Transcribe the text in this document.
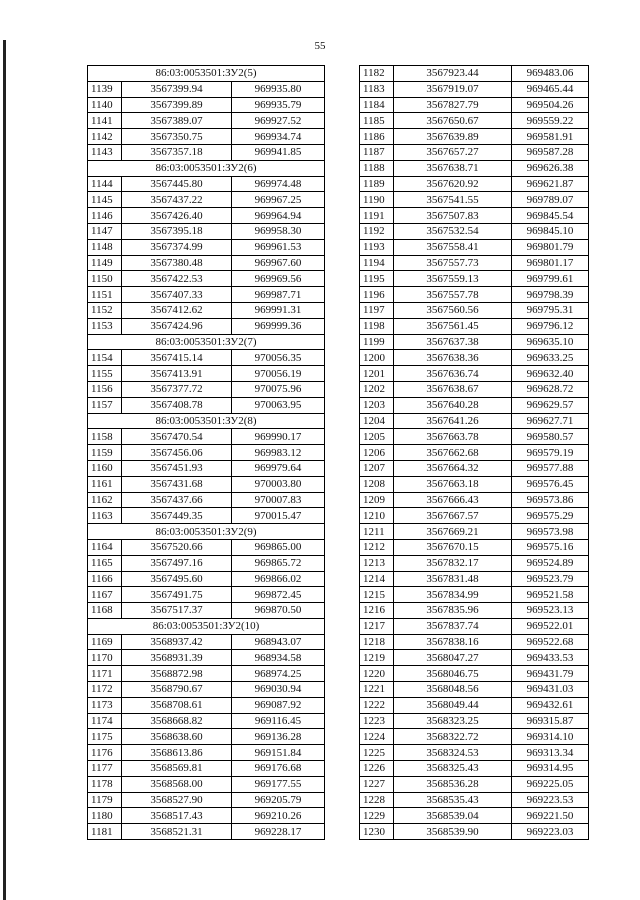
55
86:03:0053501:ЗУ2(5)		
1139	3567399.94	969935.80
1140	3567399.89	969935.79
1141	3567389.07	969927.52
1142	3567350.75	969934.74
1143	3567357.18	969941.85
86:03:0053501:ЗУ2(6)		
1144	3567445.80	969974.48
1145	3567437.22	969967.25
1146	3567426.40	969964.94
1147	3567395.18	969958.30
1148	3567374.99	969961.53
1149	3567380.48	969967.60
1150	3567422.53	969969.56
1151	3567407.33	969987.71
1152	3567412.62	969991.31
1153	3567424.96	969999.36
86:03:0053501:ЗУ2(7)		
1154	3567415.14	970056.35
1155	3567413.91	970056.19
1156	3567377.72	970075.96
1157	3567408.78	970063.95
86:03:0053501:ЗУ2(8)		
1158	3567470.54	969990.17
1159	3567456.06	969983.12
1160	3567451.93	969979.64
1161	3567431.68	970003.80
1162	3567437.66	970007.83
1163	3567449.35	970015.47
86:03:0053501:ЗУ2(9)		
1164	3567520.66	969865.00
1165	3567497.16	969865.72
1166	3567495.60	969866.02
1167	3567491.75	969872.45
1168	3567517.37	969870.50
86:03:0053501:ЗУ2(10)		
1169	3568937.42	968943.07
1170	3568931.39	968934.58
1171	3568872.98	968974.25
1172	3568790.67	969030.94
1173	3568708.61	969087.92
1174	3568668.82	969116.45
1175	3568638.60	969136.28
1176	3568613.86	969151.84
1177	3568569.81	969176.68
1178	3568568.00	969177.55
1179	3568527.90	969205.79
1180	3568517.43	969210.26
1181	3568521.31	969228.17
1182	3567923.44	969483.06
1183	3567919.07	969465.44
1184	3567827.79	969504.26
1185	3567650.67	969559.22
1186	3567639.89	969581.91
1187	3567657.27	969587.28
1188	3567638.71	969626.38
1189	3567620.92	969621.87
1190	3567541.55	969789.07
1191	3567507.83	969845.54
1192	3567532.54	969845.10
1193	3567558.41	969801.79
1194	3567557.73	969801.17
1195	3567559.13	969799.61
1196	3567557.78	969798.39
1197	3567560.56	969795.31
1198	3567561.45	969796.12
1199	3567637.38	969635.10
1200	3567638.36	969633.25
1201	3567636.74	969632.40
1202	3567638.67	969628.72
1203	3567640.28	969629.57
1204	3567641.26	969627.71
1205	3567663.78	969580.57
1206	3567662.68	969579.19
1207	3567664.32	969577.88
1208	3567663.18	969576.45
1209	3567666.43	969573.86
1210	3567667.57	969575.29
1211	3567669.21	969573.98
1212	3567670.15	969575.16
1213	3567832.17	969524.89
1214	3567831.48	969523.79
1215	3567834.99	969521.58
1216	3567835.96	969523.13
1217	3567837.74	969522.01
1218	3567838.16	969522.68
1219	3568047.27	969433.53
1220	3568046.75	969431.79
1221	3568048.56	969431.03
1222	3568049.44	969432.61
1223	3568323.25	969315.87
1224	3568322.72	969314.10
1225	3568324.53	969313.34
1226	3568325.43	969314.95
1227	3568536.28	969225.05
1228	3568535.43	969223.53
1229	3568539.04	969221.50
1230	3568539.90	969223.03
